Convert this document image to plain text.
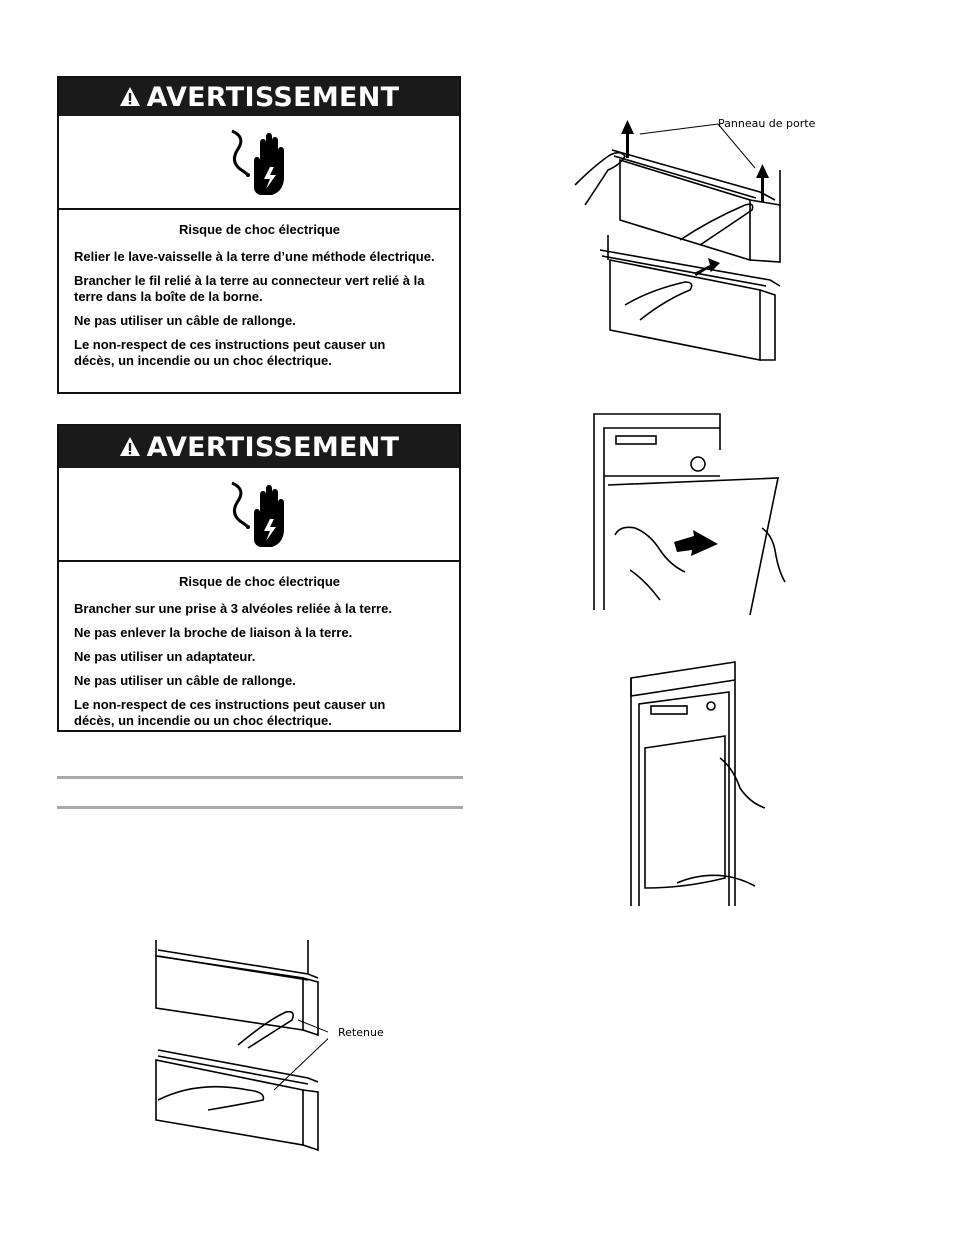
AVERTISSEMENT
Risque de choc électrique

Relier le lave-vaisselle à la terre d’une méthode électrique.

Brancher le fil relié à la terre au connecteur vert relié à la terre dans la boîte de la borne.

Ne pas utiliser un câble de rallonge.

Le non-respect de ces instructions peut causer un décès, un incendie ou un choc électrique.

AVERTISSEMENT
Risque de choc électrique

Brancher sur une prise à 3 alvéoles reliée à la terre.

Ne pas enlever la broche de liaison à la terre.

Ne pas utiliser un adaptateur.

Ne pas utiliser un câble de rallonge.

Le non-respect de ces instructions peut causer un décès, un incendie ou un choc électrique.

Panneau de porte
Retenue
